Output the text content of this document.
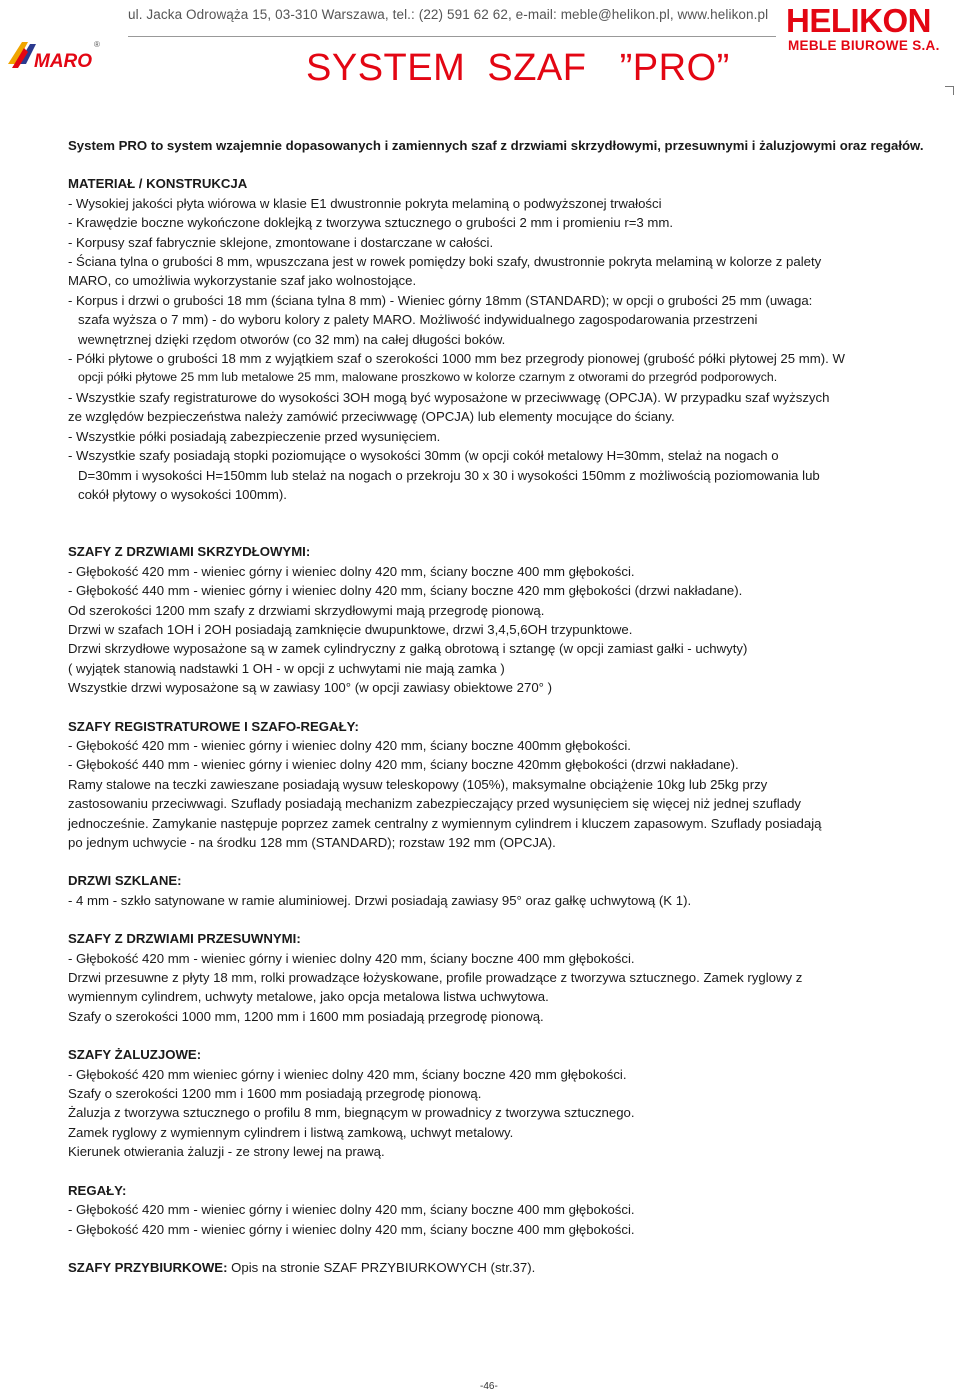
ul. Jacka Odrowąża 15, 03-310 Warszawa, tel.: (22) 591 62 62, e-mail: meble@helikon.pl, www.helikon.pl
MARO
®
SYSTEM  SZAF   ”PRO”
HELIKON
MEBLE BIUROWE S.A.

System PRO to system wzajemnie dopasowanych i zamiennych szaf z drzwiami skrzydłowymi, przesuwnymi i żaluzjowymi oraz regałów.

MATERIAŁ / KONSTRUKCJA

- Wysokiej jakości płyta wiórowa w klasie E1 dwustronnie pokryta melaminą o podwyższonej trwałości

- Krawędzie boczne wykończone doklejką z tworzywa sztucznego o grubości 2 mm i promieniu r=3 mm.

- Korpusy szaf fabrycznie sklejone, zmontowane i dostarczane w całości.

- Ściana tylna o grubości 8 mm, wpuszczana jest w rowek pomiędzy boki szafy, dwustronnie pokryta melaminą w kolorze z palety

MARO, co umożliwia wykorzystanie szaf jako wolnostojące.

- Korpus i drzwi o grubości 18 mm (ściana tylna 8 mm) - Wieniec górny 18mm (STANDARD); w opcji o grubości 25 mm (uwaga:

szafa wyższa o 7 mm) - do wyboru kolory z palety MARO. Możliwość indywidualnego zagospodarowania przestrzeni

wewnętrznej dzięki rzędom otworów (co 32 mm) na całej długości boków.

- Półki płytowe o grubości 18 mm z wyjątkiem szaf o szerokości 1000 mm bez przegrody pionowej (grubość półki płytowej 25 mm). W

opcji półki płytowe 25 mm lub metalowe 25 mm, malowane proszkowo w kolorze czarnym z otworami do przegród podporowych.

- Wszystkie szafy registraturowe do wysokości 3OH mogą być wyposażone w przeciwwagę (OPCJA). W przypadku szaf wyższych

ze względów bezpieczeństwa należy zamówić przeciwwagę (OPCJA) lub elementy mocujące do ściany.

- Wszystkie półki posiadają zabezpieczenie przed wysunięciem.

- Wszystkie szafy posiadają stopki poziomujące o wysokości 30mm (w opcji cokół metalowy H=30mm, stelaż na nogach o

D=30mm i wysokości H=150mm lub stelaż na nogach o przekroju 30 x 30 i wysokości 150mm z możliwością poziomowania lub

cokół płytowy o wysokości 100mm).

SZAFY Z DRZWIAMI SKRZYDŁOWYMI:

- Głębokość 420 mm - wieniec górny i wieniec dolny 420 mm, ściany boczne 400 mm głębokości.

- Głębokość 440 mm - wieniec górny i wieniec dolny 420 mm, ściany boczne 420 mm głębokości (drzwi nakładane).

Od szerokości 1200 mm szafy z drzwiami skrzydłowymi mają przegrodę pionową.

Drzwi w szafach 1OH i 2OH posiadają zamknięcie dwupunktowe, drzwi 3,4,5,6OH trzypunktowe.

Drzwi skrzydłowe wyposażone są w zamek cylindryczny z gałką obrotową i sztangę (w opcji zamiast gałki - uchwyty)

( wyjątek stanowią nadstawki 1 OH - w opcji z uchwytami nie mają zamka )

Wszystkie drzwi wyposażone są w zawiasy 100° (w opcji zawiasy obiektowe 270° )

SZAFY REGISTRATUROWE I SZAFO-REGAŁY:

- Głębokość 420 mm - wieniec górny i wieniec dolny 420 mm, ściany boczne 400mm głębokości.

- Głębokość 440 mm - wieniec górny i wieniec dolny 420 mm, ściany boczne 420mm głębokości (drzwi nakładane).

Ramy stalowe na teczki zawieszane posiadają wysuw teleskopowy (105%), maksymalne obciążenie 10kg lub 25kg przy

zastosowaniu przeciwwagi. Szuflady posiadają mechanizm zabezpieczający przed wysunięciem się więcej niż jednej szuflady

jednocześnie. Zamykanie następuje poprzez zamek centralny z wymiennym cylindrem i kluczem zapasowym. Szuflady posiadają

po jednym uchwycie - na środku 128 mm (STANDARD); rozstaw 192 mm (OPCJA).

DRZWI SZKLANE:

- 4 mm - szkło satynowane w ramie aluminiowej. Drzwi posiadają zawiasy 95° oraz gałkę uchwytową (K 1).

SZAFY Z DRZWIAMI PRZESUWNYMI:

- Głębokość 420 mm - wieniec górny i wieniec dolny 420 mm, ściany boczne 400 mm głębokości.

Drzwi przesuwne z płyty 18 mm, rolki prowadzące łożyskowane, profile prowadzące z tworzywa sztucznego. Zamek ryglowy z

wymiennym cylindrem, uchwyty metalowe, jako opcja metalowa listwa uchwytowa.

Szafy o szerokości 1000 mm, 1200 mm i 1600 mm posiadają przegrodę pionową.

SZAFY ŻALUZJOWE:

- Głębokość 420 mm wieniec górny i wieniec dolny 420 mm, ściany boczne 420 mm głębokości.

Szafy o szerokości 1200 mm i 1600 mm posiadają przegrodę pionową.

Żaluzja z tworzywa sztucznego o profilu 8 mm, biegnącym w prowadnicy z tworzywa sztucznego.

Zamek ryglowy z wymiennym cylindrem i listwą zamkową, uchwyt metalowy.

Kierunek otwierania żaluzji - ze strony lewej na prawą.

REGAŁY:

- Głębokość 420 mm - wieniec górny i wieniec dolny 420 mm, ściany boczne 400 mm głębokości.

- Głębokość 420 mm - wieniec górny i wieniec dolny 420 mm, ściany boczne 400 mm głębokości.

SZAFY PRZYBIURKOWE: Opis na stronie SZAF PRZYBIURKOWYCH (str.37).

-46-
